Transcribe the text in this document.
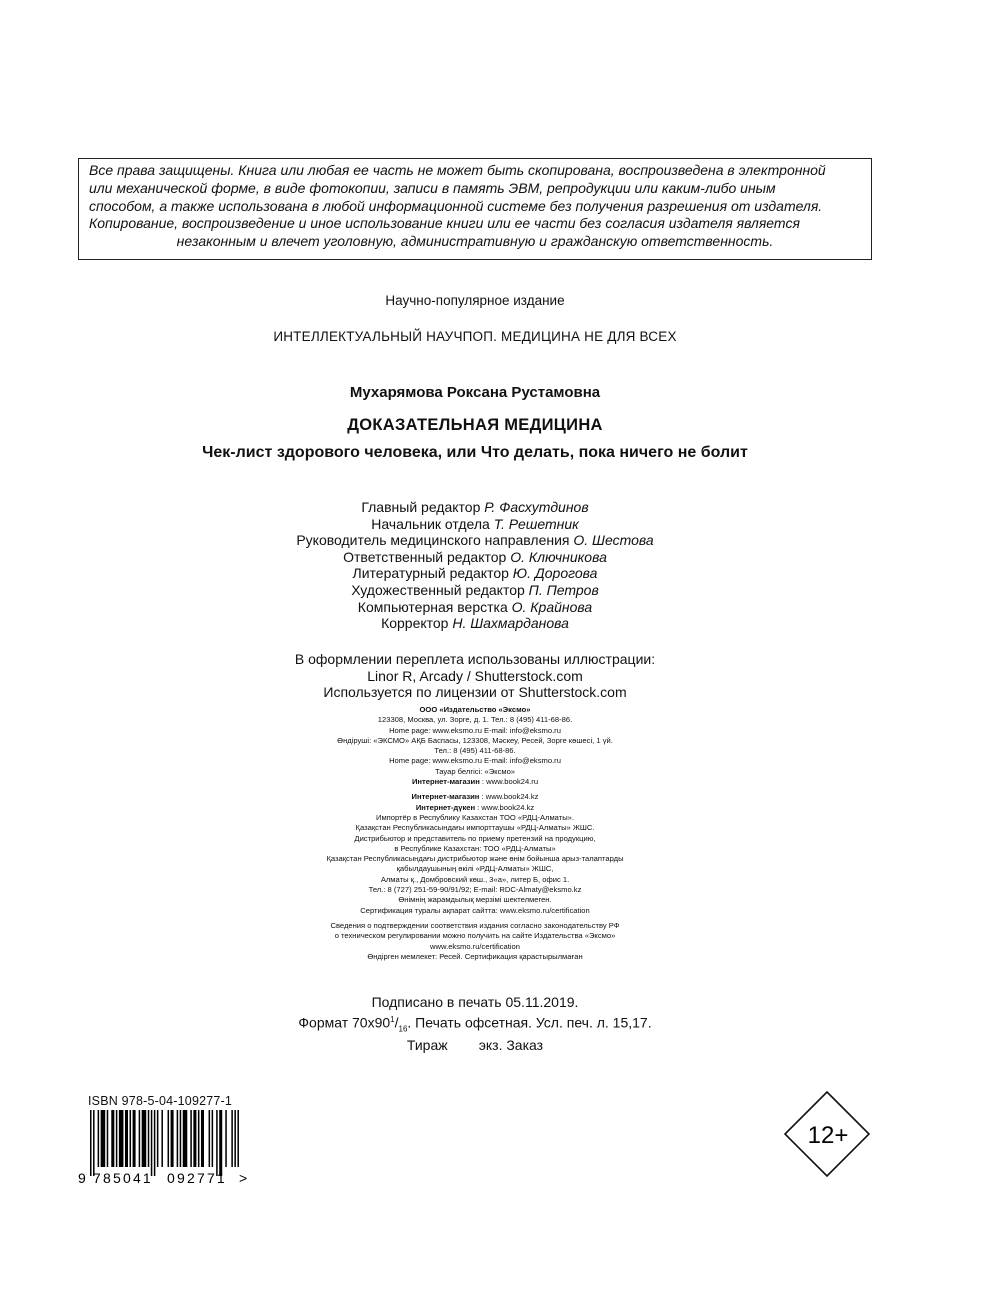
Все права защищены. Книга или любая ее часть не может быть скопирована, воспроизведена в электронной
или механической форме, в виде фотокопии, записи в память ЭВМ, репродукции или каким-либо иным
способом, а также использована в любой информационной системе без получения разрешения от издателя.
Копирование, воспроизведение и иное использование книги или ее части без согласия издателя является
незаконным и влечет уголовную, административную и гражданскую ответственность.
Научно-популярное издание
ИНТЕЛЛЕКТУАЛЬНЫЙ НАУЧПОП. МЕДИЦИНА НЕ ДЛЯ ВСЕХ
Мухарямова Роксана Рустамовна
ДОКАЗАТЕЛЬНАЯ МЕДИЦИНА
Чек-лист здорового человека, или Что делать, пока ничего не болит
Главный редактор Р. Фасхутдинов
Начальник отдела Т. Решетник
Руководитель медицинского направления О. Шестова
Ответственный редактор О. Ключникова
Литературный редактор Ю. Дорогова
Художественный редактор П. Петров
Компьютерная верстка О. Крайнова
Корректор Н. Шахмарданова
В оформлении переплета использованы иллюстрации:
Linor R, Arcady / Shutterstock.com
Используется по лицензии от Shutterstock.com
ООО «Издательство «Эксмо»
123308, Москва, ул. Зорге, д. 1. Тел.: 8 (495) 411-68-86.
Home page: www.eksmo.ru E-mail: info@eksmo.ru
Өндіруші: «ЭКСМО» АҚБ Баспасы, 123308, Мәскеу, Ресей, Зорге көшесі, 1 үй.
Тел.: 8 (495) 411-68-86.
Home page: www.eksmo.ru E-mail: info@eksmo.ru
Тауар белгісі: «Эксмо»
Интернет-магазин : www.book24.ru
Интернет-магазин : www.book24.kz
Интернет-дүкен : www.book24.kz
Импортёр в Республику Казахстан ТОО «РДЦ-Алматы».
Қазақстан Республикасындағы импорттаушы «РДЦ-Алматы» ЖШС.
Дистрибьютор и представитель по приему претензий на продукцию,
в Республике Казахстан: ТОО «РДЦ-Алматы»
Қазақстан Республикасындағы дистрибьютор және өнім бойынша арыз-талаптарды
қабылдаушының өкілі «РДЦ-Алматы» ЖШС,
Алматы қ., Домбровский көш., 3«а», литер Б, офис 1.
Тел.: 8 (727) 251-59-90/91/92; E-mail: RDC-Almaty@eksmo.kz
Өнімнің жарамдылық мерзімі шектелмеген.
Сертификация туралы ақпарат сайтта: www.eksmo.ru/certification
Сведения о подтверждении соответствия издания согласно законодательству РФ
о техническом регулировании можно получить на сайте Издательства «Эксмо»
www.eksmo.ru/certification
Өндірген мемлекет: Ресей. Сертификация қарастырылмаған
Подписано в печать 05.11.2019.
Формат $70х90^1/_{16}$. Печать офсетная. Усл. печ. л. 15,17.
Тираж        экз. Заказ
ISBN 978-5-04-109277-1
9 785041 092771 >
12+
